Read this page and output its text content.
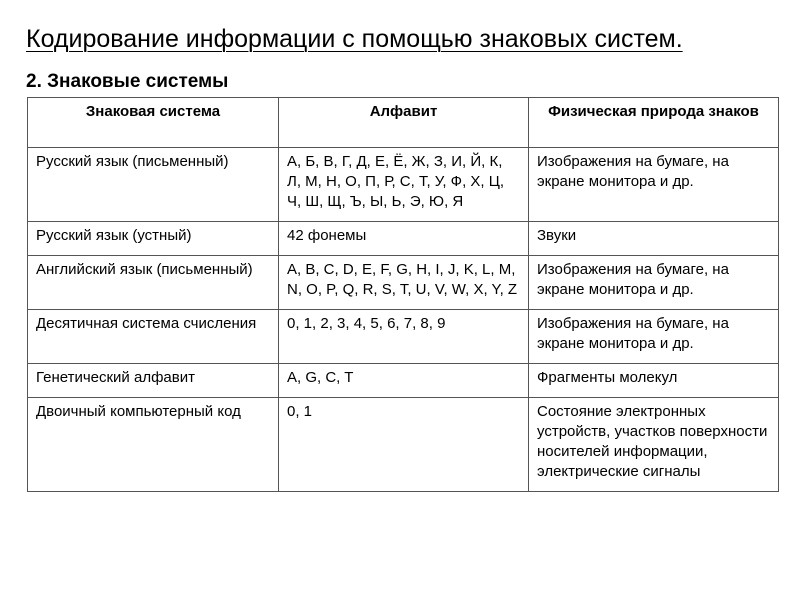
Кодирование информации с помощью знаковых систем.
2. Знаковые системы
Знаковая система	Алфавит	Физическая природа знаков
Русский язык (письменный)	А, Б, В, Г, Д, Е, Ё, Ж, З, И, Й, К, Л, М, Н, О, П, Р, С, Т, У, Ф, Х, Ц, Ч, Ш, Щ, Ъ, Ы, Ь, Э, Ю, Я	Изображения на бумаге, на экране монитора и др.
Русский язык (устный)	42 фонемы	Звуки
Английский язык (письменный)	A, B, C, D, E, F, G, H, I, J, K, L, M, N, O, P, Q, R, S, T, U, V, W, X, Y, Z	Изображения на бумаге, на экране монитора и др.
Десятичная система счисления	0, 1, 2, 3, 4, 5, 6, 7, 8, 9	Изображения на бумаге, на экране монитора и др.
Генетический алфавит	A, G, C, T	Фрагменты молекул
Двоичный компьютерный код	0, 1	Состояние электронных устройств, участков поверхности носителей информации, электрические сигналы
